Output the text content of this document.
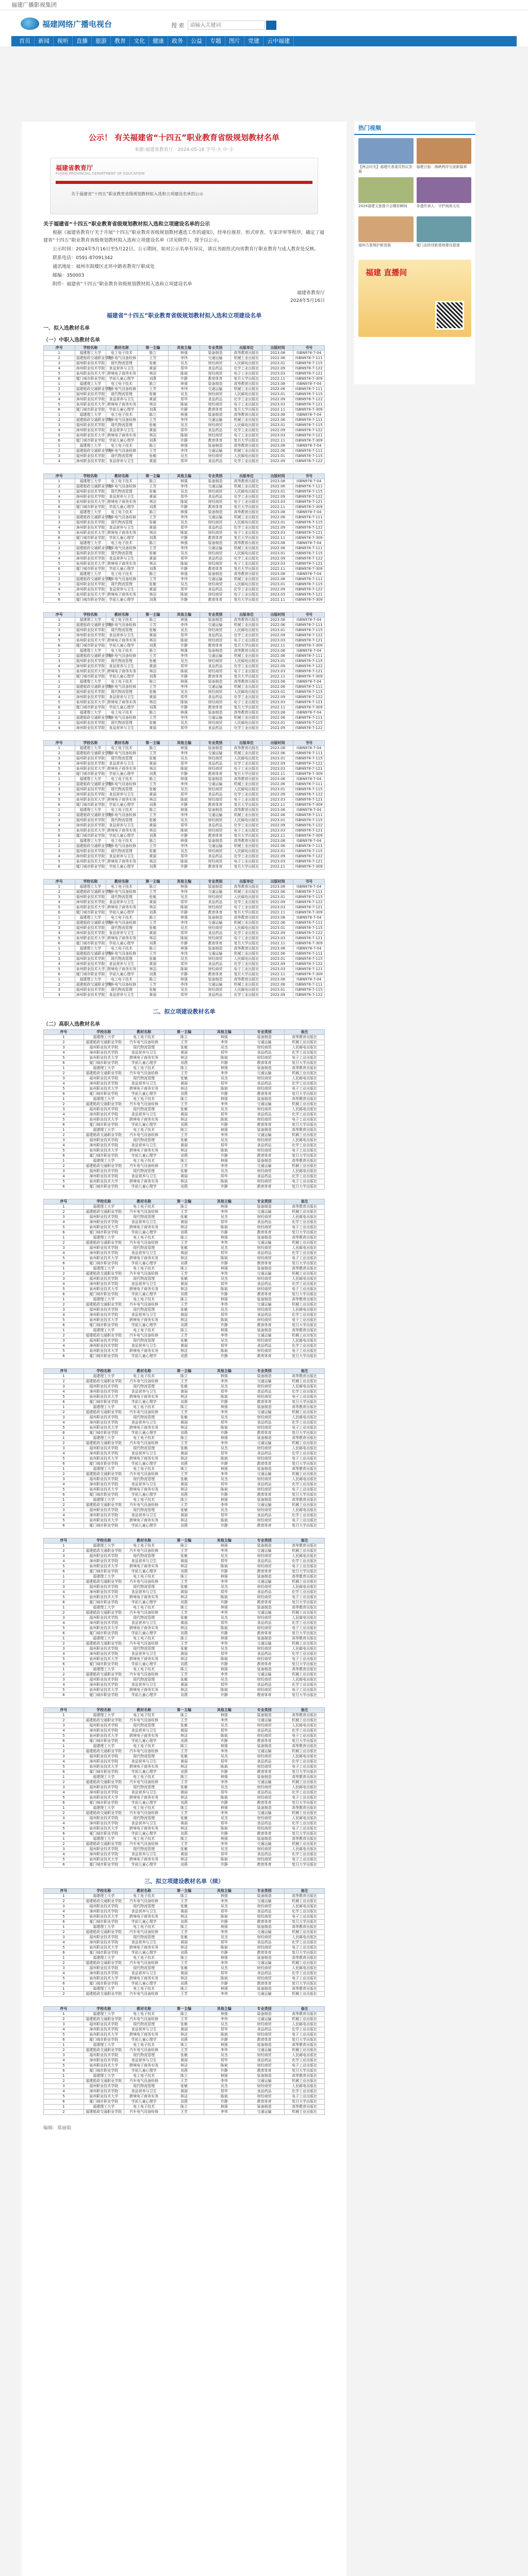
福建广播影视集团
福建网络广播电视台	搜 索
请输入关键词
首页	新闻	视听	直播	旅游	教育	文化	健康	政务	公益	专题	图片	党建	云中福建
公示！ 有关福建省“十四五”职业教育省级规划教材名单
来源:福建省教育厅 · 2024-05-16 字号:大 中 小
福建省教育厅
FUJIAN PROVINCIAL DEPARTMENT OF EDUCATION
关于福建省“十四五”职业教育省级规划教材拟入选和立项建设名单的公示

关于福建省“十四五”职业教育省级规划教材拟入选和立项建设名单的公示

根据《福建省教育厅关于开展“十四五”职业教育省级规划教材遴选工作的通知》，经单位推荐、形式审查、专家评审等程序，确定了福建省“十四五”职业教育省级规划教材拟入选和立项建设名单（详见附件），现予以公示。

公示时间：2024年5月16日至5月22日。公示期间，如对公示名单有异议，请以书面形式向省教育厅职业教育与成人教育处反映。

联系电话：0591-87091342

通讯地址：福州市鼓楼区北环中路省教育厅职成处

邮编：350003

附件：福建省“十四五”职业教育省级规划教材拟入选和立项建设名单

福建省教育厅

2024年5月16日

福建省“十四五”职业教育省级规划教材拟入选和立项建设名单
一、拟入选教材名单
（一）中职入选教材名单
序号	学校名称	教材名称	第一主编	其他主编	专业类别	出版单位	出版时间	书号
1	福建理工大学	电工电子技术	陈立	林强	装备制造	高等教育出版社	2023.08	ISBN978-7-04
2	福建船政交通职业学院	汽车电气设备检修	王芳	李伟	交通运输	机械工业出版社	2022.06	ISBN978-7-111
3	福州职业技术学院	现代物流管理	张敏	吴杰	财经商贸	人民邮电出版社	2023.01	ISBN978-7-115
4	漳州职业技术学院	食品营养与卫生	黄丽	郑华	食品药品	化学工业出版社	2022.09	ISBN978-7-122
5	泉州职业技术大学	跨境电子商务实务	林洁	陈斌	财经商贸	电子工业出版社	2023.03	ISBN978-7-121
6	厦门城市职业学院	学前儿童心理学	刘燕	许静	教育体育	复旦大学出版社	2022.11	ISBN978-7-309
1	福建理工大学	电工电子技术	陈立	林强	装备制造	高等教育出版社	2023.08	ISBN978-7-04
2	福建船政交通职业学院	汽车电气设备检修	王芳	李伟	交通运输	机械工业出版社	2022.06	ISBN978-7-111
3	福州职业技术学院	现代物流管理	张敏	吴杰	财经商贸	人民邮电出版社	2023.01	ISBN978-7-115
4	漳州职业技术学院	食品营养与卫生	黄丽	郑华	食品药品	化学工业出版社	2022.09	ISBN978-7-122
5	泉州职业技术大学	跨境电子商务实务	林洁	陈斌	财经商贸	电子工业出版社	2023.03	ISBN978-7-121
6	厦门城市职业学院	学前儿童心理学	刘燕	许静	教育体育	复旦大学出版社	2022.11	ISBN978-7-309
1	福建理工大学	电工电子技术	陈立	林强	装备制造	高等教育出版社	2023.08	ISBN978-7-04
2	福建船政交通职业学院	汽车电气设备检修	王芳	李伟	交通运输	机械工业出版社	2022.06	ISBN978-7-111
3	福州职业技术学院	现代物流管理	张敏	吴杰	财经商贸	人民邮电出版社	2023.01	ISBN978-7-115
4	漳州职业技术学院	食品营养与卫生	黄丽	郑华	食品药品	化学工业出版社	2022.09	ISBN978-7-122
5	泉州职业技术大学	跨境电子商务实务	林洁	陈斌	财经商贸	电子工业出版社	2023.03	ISBN978-7-121
6	厦门城市职业学院	学前儿童心理学	刘燕	许静	教育体育	复旦大学出版社	2022.11	ISBN978-7-309
1	福建理工大学	电工电子技术	陈立	林强	装备制造	高等教育出版社	2023.08	ISBN978-7-04
2	福建船政交通职业学院	汽车电气设备检修	王芳	李伟	交通运输	机械工业出版社	2022.06	ISBN978-7-111
3	福州职业技术学院	现代物流管理	张敏	吴杰	财经商贸	人民邮电出版社	2023.01	ISBN978-7-115
4	漳州职业技术学院	食品营养与卫生	黄丽	郑华	食品药品	化学工业出版社	2022.09	ISBN978-7-122
序号	学校名称	教材名称	第一主编	其他主编	专业类别	出版单位	出版时间	书号
1	福建理工大学	电工电子技术	陈立	林强	装备制造	高等教育出版社	2023.08	ISBN978-7-04
2	福建船政交通职业学院	汽车电气设备检修	王芳	李伟	交通运输	机械工业出版社	2022.06	ISBN978-7-111
3	福州职业技术学院	现代物流管理	张敏	吴杰	财经商贸	人民邮电出版社	2023.01	ISBN978-7-115
4	漳州职业技术学院	食品营养与卫生	黄丽	郑华	食品药品	化学工业出版社	2022.09	ISBN978-7-122
5	泉州职业技术大学	跨境电子商务实务	林洁	陈斌	财经商贸	电子工业出版社	2023.03	ISBN978-7-121
6	厦门城市职业学院	学前儿童心理学	刘燕	许静	教育体育	复旦大学出版社	2022.11	ISBN978-7-309
1	福建理工大学	电工电子技术	陈立	林强	装备制造	高等教育出版社	2023.08	ISBN978-7-04
2	福建船政交通职业学院	汽车电气设备检修	王芳	李伟	交通运输	机械工业出版社	2022.06	ISBN978-7-111
3	福州职业技术学院	现代物流管理	张敏	吴杰	财经商贸	人民邮电出版社	2023.01	ISBN978-7-115
4	漳州职业技术学院	食品营养与卫生	黄丽	郑华	食品药品	化学工业出版社	2022.09	ISBN978-7-122
5	泉州职业技术大学	跨境电子商务实务	林洁	陈斌	财经商贸	电子工业出版社	2023.03	ISBN978-7-121
6	厦门城市职业学院	学前儿童心理学	刘燕	许静	教育体育	复旦大学出版社	2022.11	ISBN978-7-309
1	福建理工大学	电工电子技术	陈立	林强	装备制造	高等教育出版社	2023.08	ISBN978-7-04
2	福建船政交通职业学院	汽车电气设备检修	王芳	李伟	交通运输	机械工业出版社	2022.06	ISBN978-7-111
3	福州职业技术学院	现代物流管理	张敏	吴杰	财经商贸	人民邮电出版社	2023.01	ISBN978-7-115
4	漳州职业技术学院	食品营养与卫生	黄丽	郑华	食品药品	化学工业出版社	2022.09	ISBN978-7-122
5	泉州职业技术大学	跨境电子商务实务	林洁	陈斌	财经商贸	电子工业出版社	2023.03	ISBN978-7-121
6	厦门城市职业学院	学前儿童心理学	刘燕	许静	教育体育	复旦大学出版社	2022.11	ISBN978-7-309
1	福建理工大学	电工电子技术	陈立	林强	装备制造	高等教育出版社	2023.08	ISBN978-7-04
2	福建船政交通职业学院	汽车电气设备检修	王芳	李伟	交通运输	机械工业出版社	2022.06	ISBN978-7-111
3	福州职业技术学院	现代物流管理	张敏	吴杰	财经商贸	人民邮电出版社	2023.01	ISBN978-7-115
4	漳州职业技术学院	食品营养与卫生	黄丽	郑华	食品药品	化学工业出版社	2022.09	ISBN978-7-122
5	泉州职业技术大学	跨境电子商务实务	林洁	陈斌	财经商贸	电子工业出版社	2023.03	ISBN978-7-121
6	厦门城市职业学院	学前儿童心理学	刘燕	许静	教育体育	复旦大学出版社	2022.11	ISBN978-7-309
序号	学校名称	教材名称	第一主编	其他主编	专业类别	出版单位	出版时间	书号
1	福建理工大学	电工电子技术	陈立	林强	装备制造	高等教育出版社	2023.08	ISBN978-7-04
2	福建船政交通职业学院	汽车电气设备检修	王芳	李伟	交通运输	机械工业出版社	2022.06	ISBN978-7-111
3	福州职业技术学院	现代物流管理	张敏	吴杰	财经商贸	人民邮电出版社	2023.01	ISBN978-7-115
4	漳州职业技术学院	食品营养与卫生	黄丽	郑华	食品药品	化学工业出版社	2022.09	ISBN978-7-122
5	泉州职业技术大学	跨境电子商务实务	林洁	陈斌	财经商贸	电子工业出版社	2023.03	ISBN978-7-121
6	厦门城市职业学院	学前儿童心理学	刘燕	许静	教育体育	复旦大学出版社	2022.11	ISBN978-7-309
1	福建理工大学	电工电子技术	陈立	林强	装备制造	高等教育出版社	2023.08	ISBN978-7-04
2	福建船政交通职业学院	汽车电气设备检修	王芳	李伟	交通运输	机械工业出版社	2022.06	ISBN978-7-111
3	福州职业技术学院	现代物流管理	张敏	吴杰	财经商贸	人民邮电出版社	2023.01	ISBN978-7-115
4	漳州职业技术学院	食品营养与卫生	黄丽	郑华	食品药品	化学工业出版社	2022.09	ISBN978-7-122
5	泉州职业技术大学	跨境电子商务实务	林洁	陈斌	财经商贸	电子工业出版社	2023.03	ISBN978-7-121
6	厦门城市职业学院	学前儿童心理学	刘燕	许静	教育体育	复旦大学出版社	2022.11	ISBN978-7-309
1	福建理工大学	电工电子技术	陈立	林强	装备制造	高等教育出版社	2023.08	ISBN978-7-04
2	福建船政交通职业学院	汽车电气设备检修	王芳	李伟	交通运输	机械工业出版社	2022.06	ISBN978-7-111
3	福州职业技术学院	现代物流管理	张敏	吴杰	财经商贸	人民邮电出版社	2023.01	ISBN978-7-115
4	漳州职业技术学院	食品营养与卫生	黄丽	郑华	食品药品	化学工业出版社	2022.09	ISBN978-7-122
5	泉州职业技术大学	跨境电子商务实务	林洁	陈斌	财经商贸	电子工业出版社	2023.03	ISBN978-7-121
6	厦门城市职业学院	学前儿童心理学	刘燕	许静	教育体育	复旦大学出版社	2022.11	ISBN978-7-309
1	福建理工大学	电工电子技术	陈立	林强	装备制造	高等教育出版社	2023.08	ISBN978-7-04
2	福建船政交通职业学院	汽车电气设备检修	王芳	李伟	交通运输	机械工业出版社	2022.06	ISBN978-7-111
3	福州职业技术学院	现代物流管理	张敏	吴杰	财经商贸	人民邮电出版社	2023.01	ISBN978-7-115
4	漳州职业技术学院	食品营养与卫生	黄丽	郑华	食品药品	化学工业出版社	2022.09	ISBN978-7-122
序号	学校名称	教材名称	第一主编	其他主编	专业类别	出版单位	出版时间	书号
1	福建理工大学	电工电子技术	陈立	林强	装备制造	高等教育出版社	2023.08	ISBN978-7-04
2	福建船政交通职业学院	汽车电气设备检修	王芳	李伟	交通运输	机械工业出版社	2022.06	ISBN978-7-111
3	福州职业技术学院	现代物流管理	张敏	吴杰	财经商贸	人民邮电出版社	2023.01	ISBN978-7-115
4	漳州职业技术学院	食品营养与卫生	黄丽	郑华	食品药品	化学工业出版社	2022.09	ISBN978-7-122
5	泉州职业技术大学	跨境电子商务实务	林洁	陈斌	财经商贸	电子工业出版社	2023.03	ISBN978-7-121
6	厦门城市职业学院	学前儿童心理学	刘燕	许静	教育体育	复旦大学出版社	2022.11	ISBN978-7-309
1	福建理工大学	电工电子技术	陈立	林强	装备制造	高等教育出版社	2023.08	ISBN978-7-04
2	福建船政交通职业学院	汽车电气设备检修	王芳	李伟	交通运输	机械工业出版社	2022.06	ISBN978-7-111
3	福州职业技术学院	现代物流管理	张敏	吴杰	财经商贸	人民邮电出版社	2023.01	ISBN978-7-115
4	漳州职业技术学院	食品营养与卫生	黄丽	郑华	食品药品	化学工业出版社	2022.09	ISBN978-7-122
5	泉州职业技术大学	跨境电子商务实务	林洁	陈斌	财经商贸	电子工业出版社	2023.03	ISBN978-7-121
6	厦门城市职业学院	学前儿童心理学	刘燕	许静	教育体育	复旦大学出版社	2022.11	ISBN978-7-309
1	福建理工大学	电工电子技术	陈立	林强	装备制造	高等教育出版社	2023.08	ISBN978-7-04
2	福建船政交通职业学院	汽车电气设备检修	王芳	李伟	交通运输	机械工业出版社	2022.06	ISBN978-7-111
3	福州职业技术学院	现代物流管理	张敏	吴杰	财经商贸	人民邮电出版社	2023.01	ISBN978-7-115
4	漳州职业技术学院	食品营养与卫生	黄丽	郑华	食品药品	化学工业出版社	2022.09	ISBN978-7-122
5	泉州职业技术大学	跨境电子商务实务	林洁	陈斌	财经商贸	电子工业出版社	2023.03	ISBN978-7-121
6	厦门城市职业学院	学前儿童心理学	刘燕	许静	教育体育	复旦大学出版社	2022.11	ISBN978-7-309
1	福建理工大学	电工电子技术	陈立	林强	装备制造	高等教育出版社	2023.08	ISBN978-7-04
2	福建船政交通职业学院	汽车电气设备检修	王芳	李伟	交通运输	机械工业出版社	2022.06	ISBN978-7-111
3	福州职业技术学院	现代物流管理	张敏	吴杰	财经商贸	人民邮电出版社	2023.01	ISBN978-7-115
4	漳州职业技术学院	食品营养与卫生	黄丽	郑华	食品药品	化学工业出版社	2022.09	ISBN978-7-122
5	泉州职业技术大学	跨境电子商务实务	林洁	陈斌	财经商贸	电子工业出版社	2023.03	ISBN978-7-121
6	厦门城市职业学院	学前儿童心理学	刘燕	许静	教育体育	复旦大学出版社	2022.11	ISBN978-7-309
序号	学校名称	教材名称	第一主编	其他主编	专业类别	出版单位	出版时间	书号
1	福建理工大学	电工电子技术	陈立	林强	装备制造	高等教育出版社	2023.08	ISBN978-7-04
2	福建船政交通职业学院	汽车电气设备检修	王芳	李伟	交通运输	机械工业出版社	2022.06	ISBN978-7-111
3	福州职业技术学院	现代物流管理	张敏	吴杰	财经商贸	人民邮电出版社	2023.01	ISBN978-7-115
4	漳州职业技术学院	食品营养与卫生	黄丽	郑华	食品药品	化学工业出版社	2022.09	ISBN978-7-122
5	泉州职业技术大学	跨境电子商务实务	林洁	陈斌	财经商贸	电子工业出版社	2023.03	ISBN978-7-121
6	厦门城市职业学院	学前儿童心理学	刘燕	许静	教育体育	复旦大学出版社	2022.11	ISBN978-7-309
1	福建理工大学	电工电子技术	陈立	林强	装备制造	高等教育出版社	2023.08	ISBN978-7-04
2	福建船政交通职业学院	汽车电气设备检修	王芳	李伟	交通运输	机械工业出版社	2022.06	ISBN978-7-111
3	福州职业技术学院	现代物流管理	张敏	吴杰	财经商贸	人民邮电出版社	2023.01	ISBN978-7-115
4	漳州职业技术学院	食品营养与卫生	黄丽	郑华	食品药品	化学工业出版社	2022.09	ISBN978-7-122
5	泉州职业技术大学	跨境电子商务实务	林洁	陈斌	财经商贸	电子工业出版社	2023.03	ISBN978-7-121
6	厦门城市职业学院	学前儿童心理学	刘燕	许静	教育体育	复旦大学出版社	2022.11	ISBN978-7-309
1	福建理工大学	电工电子技术	陈立	林强	装备制造	高等教育出版社	2023.08	ISBN978-7-04
2	福建船政交通职业学院	汽车电气设备检修	王芳	李伟	交通运输	机械工业出版社	2022.06	ISBN978-7-111
3	福州职业技术学院	现代物流管理	张敏	吴杰	财经商贸	人民邮电出版社	2023.01	ISBN978-7-115
4	漳州职业技术学院	食品营养与卫生	黄丽	郑华	食品药品	化学工业出版社	2022.09	ISBN978-7-122
5	泉州职业技术大学	跨境电子商务实务	林洁	陈斌	财经商贸	电子工业出版社	2023.03	ISBN978-7-121
6	厦门城市职业学院	学前儿童心理学	刘燕	许静	教育体育	复旦大学出版社	2022.11	ISBN978-7-309
1	福建理工大学	电工电子技术	陈立	林强	装备制造	高等教育出版社	2023.08	ISBN978-7-04
2	福建船政交通职业学院	汽车电气设备检修	王芳	李伟	交通运输	机械工业出版社	2022.06	ISBN978-7-111
3	福州职业技术学院	现代物流管理	张敏	吴杰	财经商贸	人民邮电出版社	2023.01	ISBN978-7-115
4	漳州职业技术学院	食品营养与卫生	黄丽	郑华	食品药品	化学工业出版社	2022.09	ISBN978-7-122
二、拟立项建设教材名单
（二）高职入选教材名单
序号	学校名称	教材名称	第一主编	其他主编	专业类别	备注
1	福建理工大学	电工电子技术	陈立	林强	装备制造	高等教育出版社
2	福建船政交通职业学院	汽车电气设备检修	王芳	李伟	交通运输	机械工业出版社
3	福州职业技术学院	现代物流管理	张敏	吴杰	财经商贸	人民邮电出版社
4	漳州职业技术学院	食品营养与卫生	黄丽	郑华	食品药品	化学工业出版社
5	泉州职业技术大学	跨境电子商务实务	林洁	陈斌	财经商贸	电子工业出版社
6	厦门城市职业学院	学前儿童心理学	刘燕	许静	教育体育	复旦大学出版社
1	福建理工大学	电工电子技术	陈立	林强	装备制造	高等教育出版社
2	福建船政交通职业学院	汽车电气设备检修	王芳	李伟	交通运输	机械工业出版社
3	福州职业技术学院	现代物流管理	张敏	吴杰	财经商贸	人民邮电出版社
4	漳州职业技术学院	食品营养与卫生	黄丽	郑华	食品药品	化学工业出版社
5	泉州职业技术大学	跨境电子商务实务	林洁	陈斌	财经商贸	电子工业出版社
6	厦门城市职业学院	学前儿童心理学	刘燕	许静	教育体育	复旦大学出版社
1	福建理工大学	电工电子技术	陈立	林强	装备制造	高等教育出版社
2	福建船政交通职业学院	汽车电气设备检修	王芳	李伟	交通运输	机械工业出版社
3	福州职业技术学院	现代物流管理	张敏	吴杰	财经商贸	人民邮电出版社
4	漳州职业技术学院	食品营养与卫生	黄丽	郑华	食品药品	化学工业出版社
5	泉州职业技术大学	跨境电子商务实务	林洁	陈斌	财经商贸	电子工业出版社
6	厦门城市职业学院	学前儿童心理学	刘燕	许静	教育体育	复旦大学出版社
1	福建理工大学	电工电子技术	陈立	林强	装备制造	高等教育出版社
2	福建船政交通职业学院	汽车电气设备检修	王芳	李伟	交通运输	机械工业出版社
3	福州职业技术学院	现代物流管理	张敏	吴杰	财经商贸	人民邮电出版社
4	漳州职业技术学院	食品营养与卫生	黄丽	郑华	食品药品	化学工业出版社
5	泉州职业技术大学	跨境电子商务实务	林洁	陈斌	财经商贸	电子工业出版社
6	厦门城市职业学院	学前儿童心理学	刘燕	许静	教育体育	复旦大学出版社
1	福建理工大学	电工电子技术	陈立	林强	装备制造	高等教育出版社
2	福建船政交通职业学院	汽车电气设备检修	王芳	李伟	交通运输	机械工业出版社
3	福州职业技术学院	现代物流管理	张敏	吴杰	财经商贸	人民邮电出版社
4	漳州职业技术学院	食品营养与卫生	黄丽	郑华	食品药品	化学工业出版社
5	泉州职业技术大学	跨境电子商务实务	林洁	陈斌	财经商贸	电子工业出版社
6	厦门城市职业学院	学前儿童心理学	刘燕	许静	教育体育	复旦大学出版社
序号	学校名称	教材名称	第一主编	其他主编	专业类别	备注
1	福建理工大学	电工电子技术	陈立	林强	装备制造	高等教育出版社
2	福建船政交通职业学院	汽车电气设备检修	王芳	李伟	交通运输	机械工业出版社
3	福州职业技术学院	现代物流管理	张敏	吴杰	财经商贸	人民邮电出版社
4	漳州职业技术学院	食品营养与卫生	黄丽	郑华	食品药品	化学工业出版社
5	泉州职业技术大学	跨境电子商务实务	林洁	陈斌	财经商贸	电子工业出版社
6	厦门城市职业学院	学前儿童心理学	刘燕	许静	教育体育	复旦大学出版社
1	福建理工大学	电工电子技术	陈立	林强	装备制造	高等教育出版社
2	福建船政交通职业学院	汽车电气设备检修	王芳	李伟	交通运输	机械工业出版社
3	福州职业技术学院	现代物流管理	张敏	吴杰	财经商贸	人民邮电出版社
4	漳州职业技术学院	食品营养与卫生	黄丽	郑华	食品药品	化学工业出版社
5	泉州职业技术大学	跨境电子商务实务	林洁	陈斌	财经商贸	电子工业出版社
6	厦门城市职业学院	学前儿童心理学	刘燕	许静	教育体育	复旦大学出版社
1	福建理工大学	电工电子技术	陈立	林强	装备制造	高等教育出版社
2	福建船政交通职业学院	汽车电气设备检修	王芳	李伟	交通运输	机械工业出版社
3	福州职业技术学院	现代物流管理	张敏	吴杰	财经商贸	人民邮电出版社
4	漳州职业技术学院	食品营养与卫生	黄丽	郑华	食品药品	化学工业出版社
5	泉州职业技术大学	跨境电子商务实务	林洁	陈斌	财经商贸	电子工业出版社
6	厦门城市职业学院	学前儿童心理学	刘燕	许静	教育体育	复旦大学出版社
1	福建理工大学	电工电子技术	陈立	林强	装备制造	高等教育出版社
2	福建船政交通职业学院	汽车电气设备检修	王芳	李伟	交通运输	机械工业出版社
3	福州职业技术学院	现代物流管理	张敏	吴杰	财经商贸	人民邮电出版社
4	漳州职业技术学院	食品营养与卫生	黄丽	郑华	食品药品	化学工业出版社
5	泉州职业技术大学	跨境电子商务实务	林洁	陈斌	财经商贸	电子工业出版社
6	厦门城市职业学院	学前儿童心理学	刘燕	许静	教育体育	复旦大学出版社
1	福建理工大学	电工电子技术	陈立	林强	装备制造	高等教育出版社
2	福建船政交通职业学院	汽车电气设备检修	王芳	李伟	交通运输	机械工业出版社
3	福州职业技术学院	现代物流管理	张敏	吴杰	财经商贸	人民邮电出版社
4	漳州职业技术学院	食品营养与卫生	黄丽	郑华	食品药品	化学工业出版社
5	泉州职业技术大学	跨境电子商务实务	林洁	陈斌	财经商贸	电子工业出版社
6	厦门城市职业学院	学前儿童心理学	刘燕	许静	教育体育	复旦大学出版社
序号	学校名称	教材名称	第一主编	其他主编	专业类别	备注
1	福建理工大学	电工电子技术	陈立	林强	装备制造	高等教育出版社
2	福建船政交通职业学院	汽车电气设备检修	王芳	李伟	交通运输	机械工业出版社
3	福州职业技术学院	现代物流管理	张敏	吴杰	财经商贸	人民邮电出版社
4	漳州职业技术学院	食品营养与卫生	黄丽	郑华	食品药品	化学工业出版社
5	泉州职业技术大学	跨境电子商务实务	林洁	陈斌	财经商贸	电子工业出版社
6	厦门城市职业学院	学前儿童心理学	刘燕	许静	教育体育	复旦大学出版社
1	福建理工大学	电工电子技术	陈立	林强	装备制造	高等教育出版社
2	福建船政交通职业学院	汽车电气设备检修	王芳	李伟	交通运输	机械工业出版社
3	福州职业技术学院	现代物流管理	张敏	吴杰	财经商贸	人民邮电出版社
4	漳州职业技术学院	食品营养与卫生	黄丽	郑华	食品药品	化学工业出版社
5	泉州职业技术大学	跨境电子商务实务	林洁	陈斌	财经商贸	电子工业出版社
6	厦门城市职业学院	学前儿童心理学	刘燕	许静	教育体育	复旦大学出版社
1	福建理工大学	电工电子技术	陈立	林强	装备制造	高等教育出版社
2	福建船政交通职业学院	汽车电气设备检修	王芳	李伟	交通运输	机械工业出版社
3	福州职业技术学院	现代物流管理	张敏	吴杰	财经商贸	人民邮电出版社
4	漳州职业技术学院	食品营养与卫生	黄丽	郑华	食品药品	化学工业出版社
5	泉州职业技术大学	跨境电子商务实务	林洁	陈斌	财经商贸	电子工业出版社
6	厦门城市职业学院	学前儿童心理学	刘燕	许静	教育体育	复旦大学出版社
1	福建理工大学	电工电子技术	陈立	林强	装备制造	高等教育出版社
2	福建船政交通职业学院	汽车电气设备检修	王芳	李伟	交通运输	机械工业出版社
3	福州职业技术学院	现代物流管理	张敏	吴杰	财经商贸	人民邮电出版社
4	漳州职业技术学院	食品营养与卫生	黄丽	郑华	食品药品	化学工业出版社
5	泉州职业技术大学	跨境电子商务实务	林洁	陈斌	财经商贸	电子工业出版社
6	厦门城市职业学院	学前儿童心理学	刘燕	许静	教育体育	复旦大学出版社
1	福建理工大学	电工电子技术	陈立	林强	装备制造	高等教育出版社
2	福建船政交通职业学院	汽车电气设备检修	王芳	李伟	交通运输	机械工业出版社
3	福州职业技术学院	现代物流管理	张敏	吴杰	财经商贸	人民邮电出版社
4	漳州职业技术学院	食品营养与卫生	黄丽	郑华	食品药品	化学工业出版社
5	泉州职业技术大学	跨境电子商务实务	林洁	陈斌	财经商贸	电子工业出版社
6	厦门城市职业学院	学前儿童心理学	刘燕	许静	教育体育	复旦大学出版社
序号	学校名称	教材名称	第一主编	其他主编	专业类别	备注
1	福建理工大学	电工电子技术	陈立	林强	装备制造	高等教育出版社
2	福建船政交通职业学院	汽车电气设备检修	王芳	李伟	交通运输	机械工业出版社
3	福州职业技术学院	现代物流管理	张敏	吴杰	财经商贸	人民邮电出版社
4	漳州职业技术学院	食品营养与卫生	黄丽	郑华	食品药品	化学工业出版社
5	泉州职业技术大学	跨境电子商务实务	林洁	陈斌	财经商贸	电子工业出版社
6	厦门城市职业学院	学前儿童心理学	刘燕	许静	教育体育	复旦大学出版社
1	福建理工大学	电工电子技术	陈立	林强	装备制造	高等教育出版社
2	福建船政交通职业学院	汽车电气设备检修	王芳	李伟	交通运输	机械工业出版社
3	福州职业技术学院	现代物流管理	张敏	吴杰	财经商贸	人民邮电出版社
4	漳州职业技术学院	食品营养与卫生	黄丽	郑华	食品药品	化学工业出版社
5	泉州职业技术大学	跨境电子商务实务	林洁	陈斌	财经商贸	电子工业出版社
6	厦门城市职业学院	学前儿童心理学	刘燕	许静	教育体育	复旦大学出版社
1	福建理工大学	电工电子技术	陈立	林强	装备制造	高等教育出版社
2	福建船政交通职业学院	汽车电气设备检修	王芳	李伟	交通运输	机械工业出版社
3	福州职业技术学院	现代物流管理	张敏	吴杰	财经商贸	人民邮电出版社
4	漳州职业技术学院	食品营养与卫生	黄丽	郑华	食品药品	化学工业出版社
5	泉州职业技术大学	跨境电子商务实务	林洁	陈斌	财经商贸	电子工业出版社
6	厦门城市职业学院	学前儿童心理学	刘燕	许静	教育体育	复旦大学出版社
1	福建理工大学	电工电子技术	陈立	林强	装备制造	高等教育出版社
2	福建船政交通职业学院	汽车电气设备检修	王芳	李伟	交通运输	机械工业出版社
3	福州职业技术学院	现代物流管理	张敏	吴杰	财经商贸	人民邮电出版社
4	漳州职业技术学院	食品营养与卫生	黄丽	郑华	食品药品	化学工业出版社
5	泉州职业技术大学	跨境电子商务实务	林洁	陈斌	财经商贸	电子工业出版社
6	厦门城市职业学院	学前儿童心理学	刘燕	许静	教育体育	复旦大学出版社
1	福建理工大学	电工电子技术	陈立	林强	装备制造	高等教育出版社
2	福建船政交通职业学院	汽车电气设备检修	王芳	李伟	交通运输	机械工业出版社
3	福州职业技术学院	现代物流管理	张敏	吴杰	财经商贸	人民邮电出版社
4	漳州职业技术学院	食品营养与卫生	黄丽	郑华	食品药品	化学工业出版社
5	泉州职业技术大学	跨境电子商务实务	林洁	陈斌	财经商贸	电子工业出版社
6	厦门城市职业学院	学前儿童心理学	刘燕	许静	教育体育	复旦大学出版社
序号	学校名称	教材名称	第一主编	其他主编	专业类别	备注
1	福建理工大学	电工电子技术	陈立	林强	装备制造	高等教育出版社
2	福建船政交通职业学院	汽车电气设备检修	王芳	李伟	交通运输	机械工业出版社
3	福州职业技术学院	现代物流管理	张敏	吴杰	财经商贸	人民邮电出版社
4	漳州职业技术学院	食品营养与卫生	黄丽	郑华	食品药品	化学工业出版社
5	泉州职业技术大学	跨境电子商务实务	林洁	陈斌	财经商贸	电子工业出版社
6	厦门城市职业学院	学前儿童心理学	刘燕	许静	教育体育	复旦大学出版社
1	福建理工大学	电工电子技术	陈立	林强	装备制造	高等教育出版社
2	福建船政交通职业学院	汽车电气设备检修	王芳	李伟	交通运输	机械工业出版社
3	福州职业技术学院	现代物流管理	张敏	吴杰	财经商贸	人民邮电出版社
4	漳州职业技术学院	食品营养与卫生	黄丽	郑华	食品药品	化学工业出版社
5	泉州职业技术大学	跨境电子商务实务	林洁	陈斌	财经商贸	电子工业出版社
6	厦门城市职业学院	学前儿童心理学	刘燕	许静	教育体育	复旦大学出版社
1	福建理工大学	电工电子技术	陈立	林强	装备制造	高等教育出版社
2	福建船政交通职业学院	汽车电气设备检修	王芳	李伟	交通运输	机械工业出版社
3	福州职业技术学院	现代物流管理	张敏	吴杰	财经商贸	人民邮电出版社
4	漳州职业技术学院	食品营养与卫生	黄丽	郑华	食品药品	化学工业出版社
5	泉州职业技术大学	跨境电子商务实务	林洁	陈斌	财经商贸	电子工业出版社
6	厦门城市职业学院	学前儿童心理学	刘燕	许静	教育体育	复旦大学出版社
1	福建理工大学	电工电子技术	陈立	林强	装备制造	高等教育出版社
2	福建船政交通职业学院	汽车电气设备检修	王芳	李伟	交通运输	机械工业出版社
3	福州职业技术学院	现代物流管理	张敏	吴杰	财经商贸	人民邮电出版社
4	漳州职业技术学院	食品营养与卫生	黄丽	郑华	食品药品	化学工业出版社
5	泉州职业技术大学	跨境电子商务实务	林洁	陈斌	财经商贸	电子工业出版社
6	厦门城市职业学院	学前儿童心理学	刘燕	许静	教育体育	复旦大学出版社
1	福建理工大学	电工电子技术	陈立	林强	装备制造	高等教育出版社
2	福建船政交通职业学院	汽车电气设备检修	王芳	李伟	交通运输	机械工业出版社
3	福州职业技术学院	现代物流管理	张敏	吴杰	财经商贸	人民邮电出版社
4	漳州职业技术学院	食品营养与卫生	黄丽	郑华	食品药品	化学工业出版社
5	泉州职业技术大学	跨境电子商务实务	林洁	陈斌	财经商贸	电子工业出版社
6	厦门城市职业学院	学前儿童心理学	刘燕	许静	教育体育	复旦大学出版社
三、拟立项建设教材名单（续）
序号	学校名称	教材名称	第一主编	其他主编	专业类别	备注
1	福建理工大学	电工电子技术	陈立	林强	装备制造	高等教育出版社
2	福建船政交通职业学院	汽车电气设备检修	王芳	李伟	交通运输	机械工业出版社
3	福州职业技术学院	现代物流管理	张敏	吴杰	财经商贸	人民邮电出版社
4	漳州职业技术学院	食品营养与卫生	黄丽	郑华	食品药品	化学工业出版社
5	泉州职业技术大学	跨境电子商务实务	林洁	陈斌	财经商贸	电子工业出版社
6	厦门城市职业学院	学前儿童心理学	刘燕	许静	教育体育	复旦大学出版社
1	福建理工大学	电工电子技术	陈立	林强	装备制造	高等教育出版社
2	福建船政交通职业学院	汽车电气设备检修	王芳	李伟	交通运输	机械工业出版社
3	福州职业技术学院	现代物流管理	张敏	吴杰	财经商贸	人民邮电出版社
4	漳州职业技术学院	食品营养与卫生	黄丽	郑华	食品药品	化学工业出版社
5	泉州职业技术大学	跨境电子商务实务	林洁	陈斌	财经商贸	电子工业出版社
6	厦门城市职业学院	学前儿童心理学	刘燕	许静	教育体育	复旦大学出版社
1	福建理工大学	电工电子技术	陈立	林强	装备制造	高等教育出版社
2	福建船政交通职业学院	汽车电气设备检修	王芳	李伟	交通运输	机械工业出版社
3	福州职业技术学院	现代物流管理	张敏	吴杰	财经商贸	人民邮电出版社
4	漳州职业技术学院	食品营养与卫生	黄丽	郑华	食品药品	化学工业出版社
5	泉州职业技术大学	跨境电子商务实务	林洁	陈斌	财经商贸	电子工业出版社
6	厦门城市职业学院	学前儿童心理学	刘燕	许静	教育体育	复旦大学出版社
1	福建理工大学	电工电子技术	陈立	林强	装备制造	高等教育出版社
2	福建船政交通职业学院	汽车电气设备检修	王芳	李伟	交通运输	机械工业出版社
序号	学校名称	教材名称	第一主编	其他主编	专业类别	备注
1	福建理工大学	电工电子技术	陈立	林强	装备制造	高等教育出版社
2	福建船政交通职业学院	汽车电气设备检修	王芳	李伟	交通运输	机械工业出版社
3	福州职业技术学院	现代物流管理	张敏	吴杰	财经商贸	人民邮电出版社
4	漳州职业技术学院	食品营养与卫生	黄丽	郑华	食品药品	化学工业出版社
5	泉州职业技术大学	跨境电子商务实务	林洁	陈斌	财经商贸	电子工业出版社
6	厦门城市职业学院	学前儿童心理学	刘燕	许静	教育体育	复旦大学出版社
1	福建理工大学	电工电子技术	陈立	林强	装备制造	高等教育出版社
2	福建船政交通职业学院	汽车电气设备检修	王芳	李伟	交通运输	机械工业出版社
3	福州职业技术学院	现代物流管理	张敏	吴杰	财经商贸	人民邮电出版社
4	漳州职业技术学院	食品营养与卫生	黄丽	郑华	食品药品	化学工业出版社
5	泉州职业技术大学	跨境电子商务实务	林洁	陈斌	财经商贸	电子工业出版社
6	厦门城市职业学院	学前儿童心理学	刘燕	许静	教育体育	复旦大学出版社
1	福建理工大学	电工电子技术	陈立	林强	装备制造	高等教育出版社
2	福建船政交通职业学院	汽车电气设备检修	王芳	李伟	交通运输	机械工业出版社
3	福州职业技术学院	现代物流管理	张敏	吴杰	财经商贸	人民邮电出版社
4	漳州职业技术学院	食品营养与卫生	黄丽	郑华	食品药品	化学工业出版社
5	泉州职业技术大学	跨境电子商务实务	林洁	陈斌	财经商贸	电子工业出版社
6	厦门城市职业学院	学前儿童心理学	刘燕	许静	教育体育	复旦大学出版社
1	福建理工大学	电工电子技术	陈立	林强	装备制造	高等教育出版社
2	福建船政交通职业学院	汽车电气设备检修	王芳	李伟	交通运输	机械工业出版社
编辑：郑丽娟
热门视频
【两会时光】福建代表委员热议发展
福建日报：海峡两岸交流新篇章
2024福建文旅推介会精彩瞬间	非遗传承人：守护闽南文化
福州古厝保护新进展	厦门金砖创新基地建设提速
福建 直播间
